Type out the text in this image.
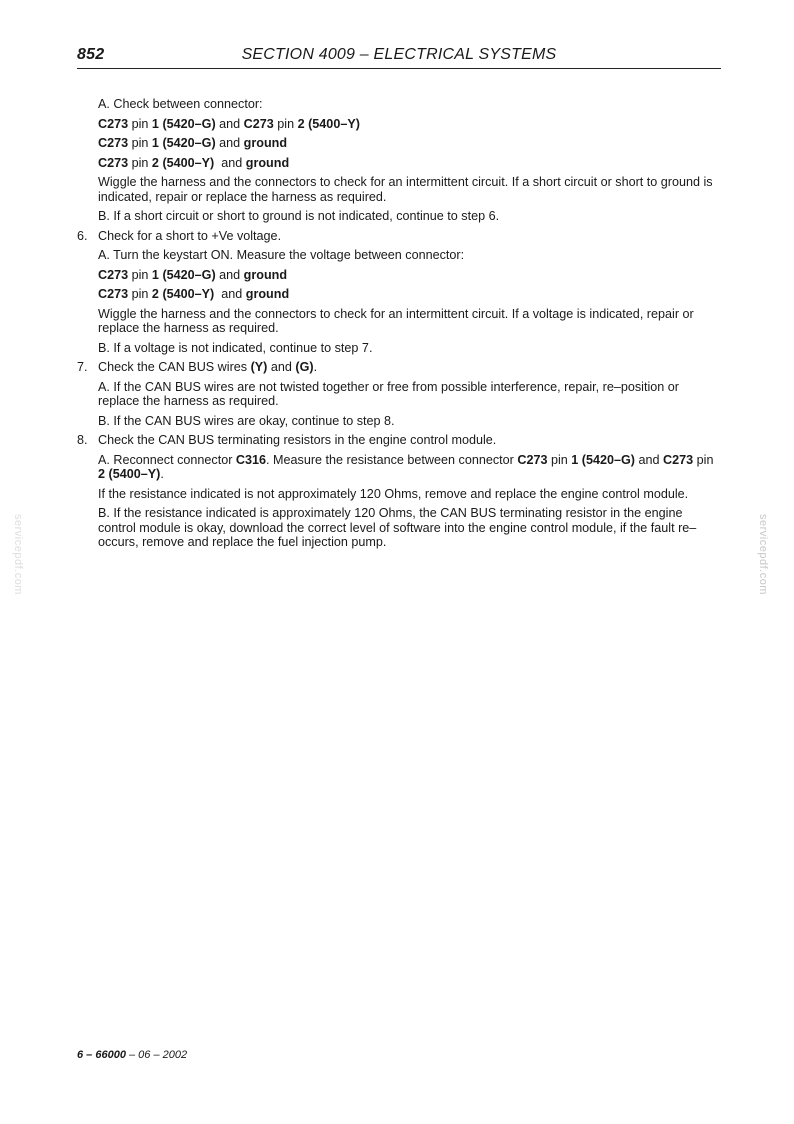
852	SECTION 4009 – ELECTRICAL SYSTEMS
A. Check between connector:
C273 pin 1 (5420–G) and C273 pin 2 (5400–Y)
C273 pin 1 (5420–G) and ground
C273 pin 2 (5400–Y) and ground
Wiggle the harness and the connectors to check for an intermittent circuit. If a short circuit or short to ground is indicated, repair or replace the harness as required.
B. If a short circuit or short to ground is not indicated, continue to step 6.
6. Check for a short to +Ve voltage.
A. Turn the keystart ON. Measure the voltage between connector:
C273 pin 1 (5420–G) and ground
C273 pin 2 (5400–Y) and ground
Wiggle the harness and the connectors to check for an intermittent circuit. If a voltage is indicated, repair or replace the harness as required.
B. If a voltage is not indicated, continue to step 7.
7. Check the CAN BUS wires (Y) and (G).
A. If the CAN BUS wires are not twisted together or free from possible interference, repair, re–position or replace the harness as required.
B. If the CAN BUS wires are okay, continue to step 8.
8. Check the CAN BUS terminating resistors in the engine control module.
A. Reconnect connector C316. Measure the resistance between connector C273 pin 1 (5420–G) and C273 pin 2 (5400–Y).
If the resistance indicated is not approximately 120 Ohms, remove and replace the engine control module.
B. If the resistance indicated is approximately 120 Ohms, the CAN BUS terminating resistor in the engine control module is okay, download the correct level of software into the engine control module, if the fault re–occurs, remove and replace the fuel injection pump.
6 – 66000 – 06 – 2002
servicepdf.com	servicepdf.com
